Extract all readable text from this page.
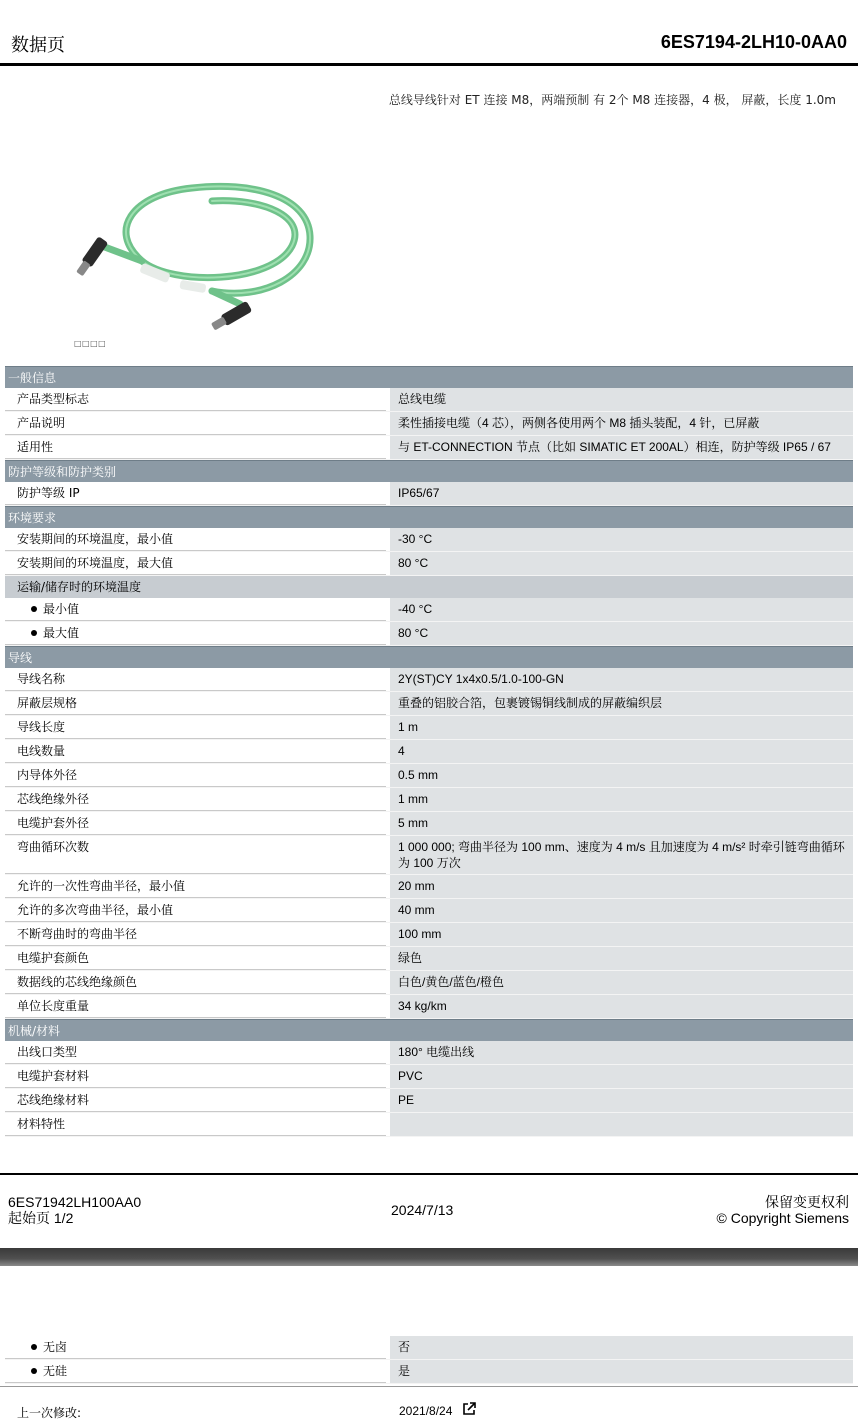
数据页	6ES7194-2LH10-0AA0
总线导线针对 ET 连接 M8，两端预制 有 2个 M8 连接器，4 极， 屏蔽，长度 1.0m
□□□□
一般信息
产品类型标志	总线电缆
产品说明	柔性插接电缆（4 芯），两侧各使用两个 M8 插头装配，4 针，已屏蔽
适用性	与 ET-CONNECTION 节点（比如 SIMATIC ET 200AL）相连，防护等级 IP65 / 67
防护等级和防护类别
防护等级 IP	IP65/67
环境要求
安装期间的环境温度，最小值	-30 °C
安装期间的环境温度，最大值	80 °C
运输/储存时的环境温度
最小值	-40 °C
最大值	80 °C
导线
导线名称	2Y(ST)CY 1x4x0.5/1.0-100-GN
屏蔽层规格	重叠的铝胶合箔，包裹镀锡铜线制成的屏蔽编织层
导线长度	1 m
电线数量	4
内导体外径	0.5 mm
芯线绝缘外径	1 mm
电缆护套外径	5 mm
弯曲循环次数	1 000 000; 弯曲半径为 100 mm、速度为 4 m/s 且加速度为 4 m/s² 时牵引链弯曲循环为 100 万次
允许的一次性弯曲半径，最小值	20 mm
允许的多次弯曲半径，最小值	40 mm
不断弯曲时的弯曲半径	100 mm
电缆护套颜色	绿色
数据线的芯线绝缘颜色	白色/黄色/蓝色/橙色
单位长度重量	34 kg/km
机械/材料
出线口类型	180° 电缆出线
电缆护套材料	PVC
芯线绝缘材料	PE
材料特性
6ES71942LH100AA0
起始页 1/2	2024/7/13	保留变更权利
© Copyright Siemens
无卤	否
无硅	是
上一次修改:	2021/8/24
